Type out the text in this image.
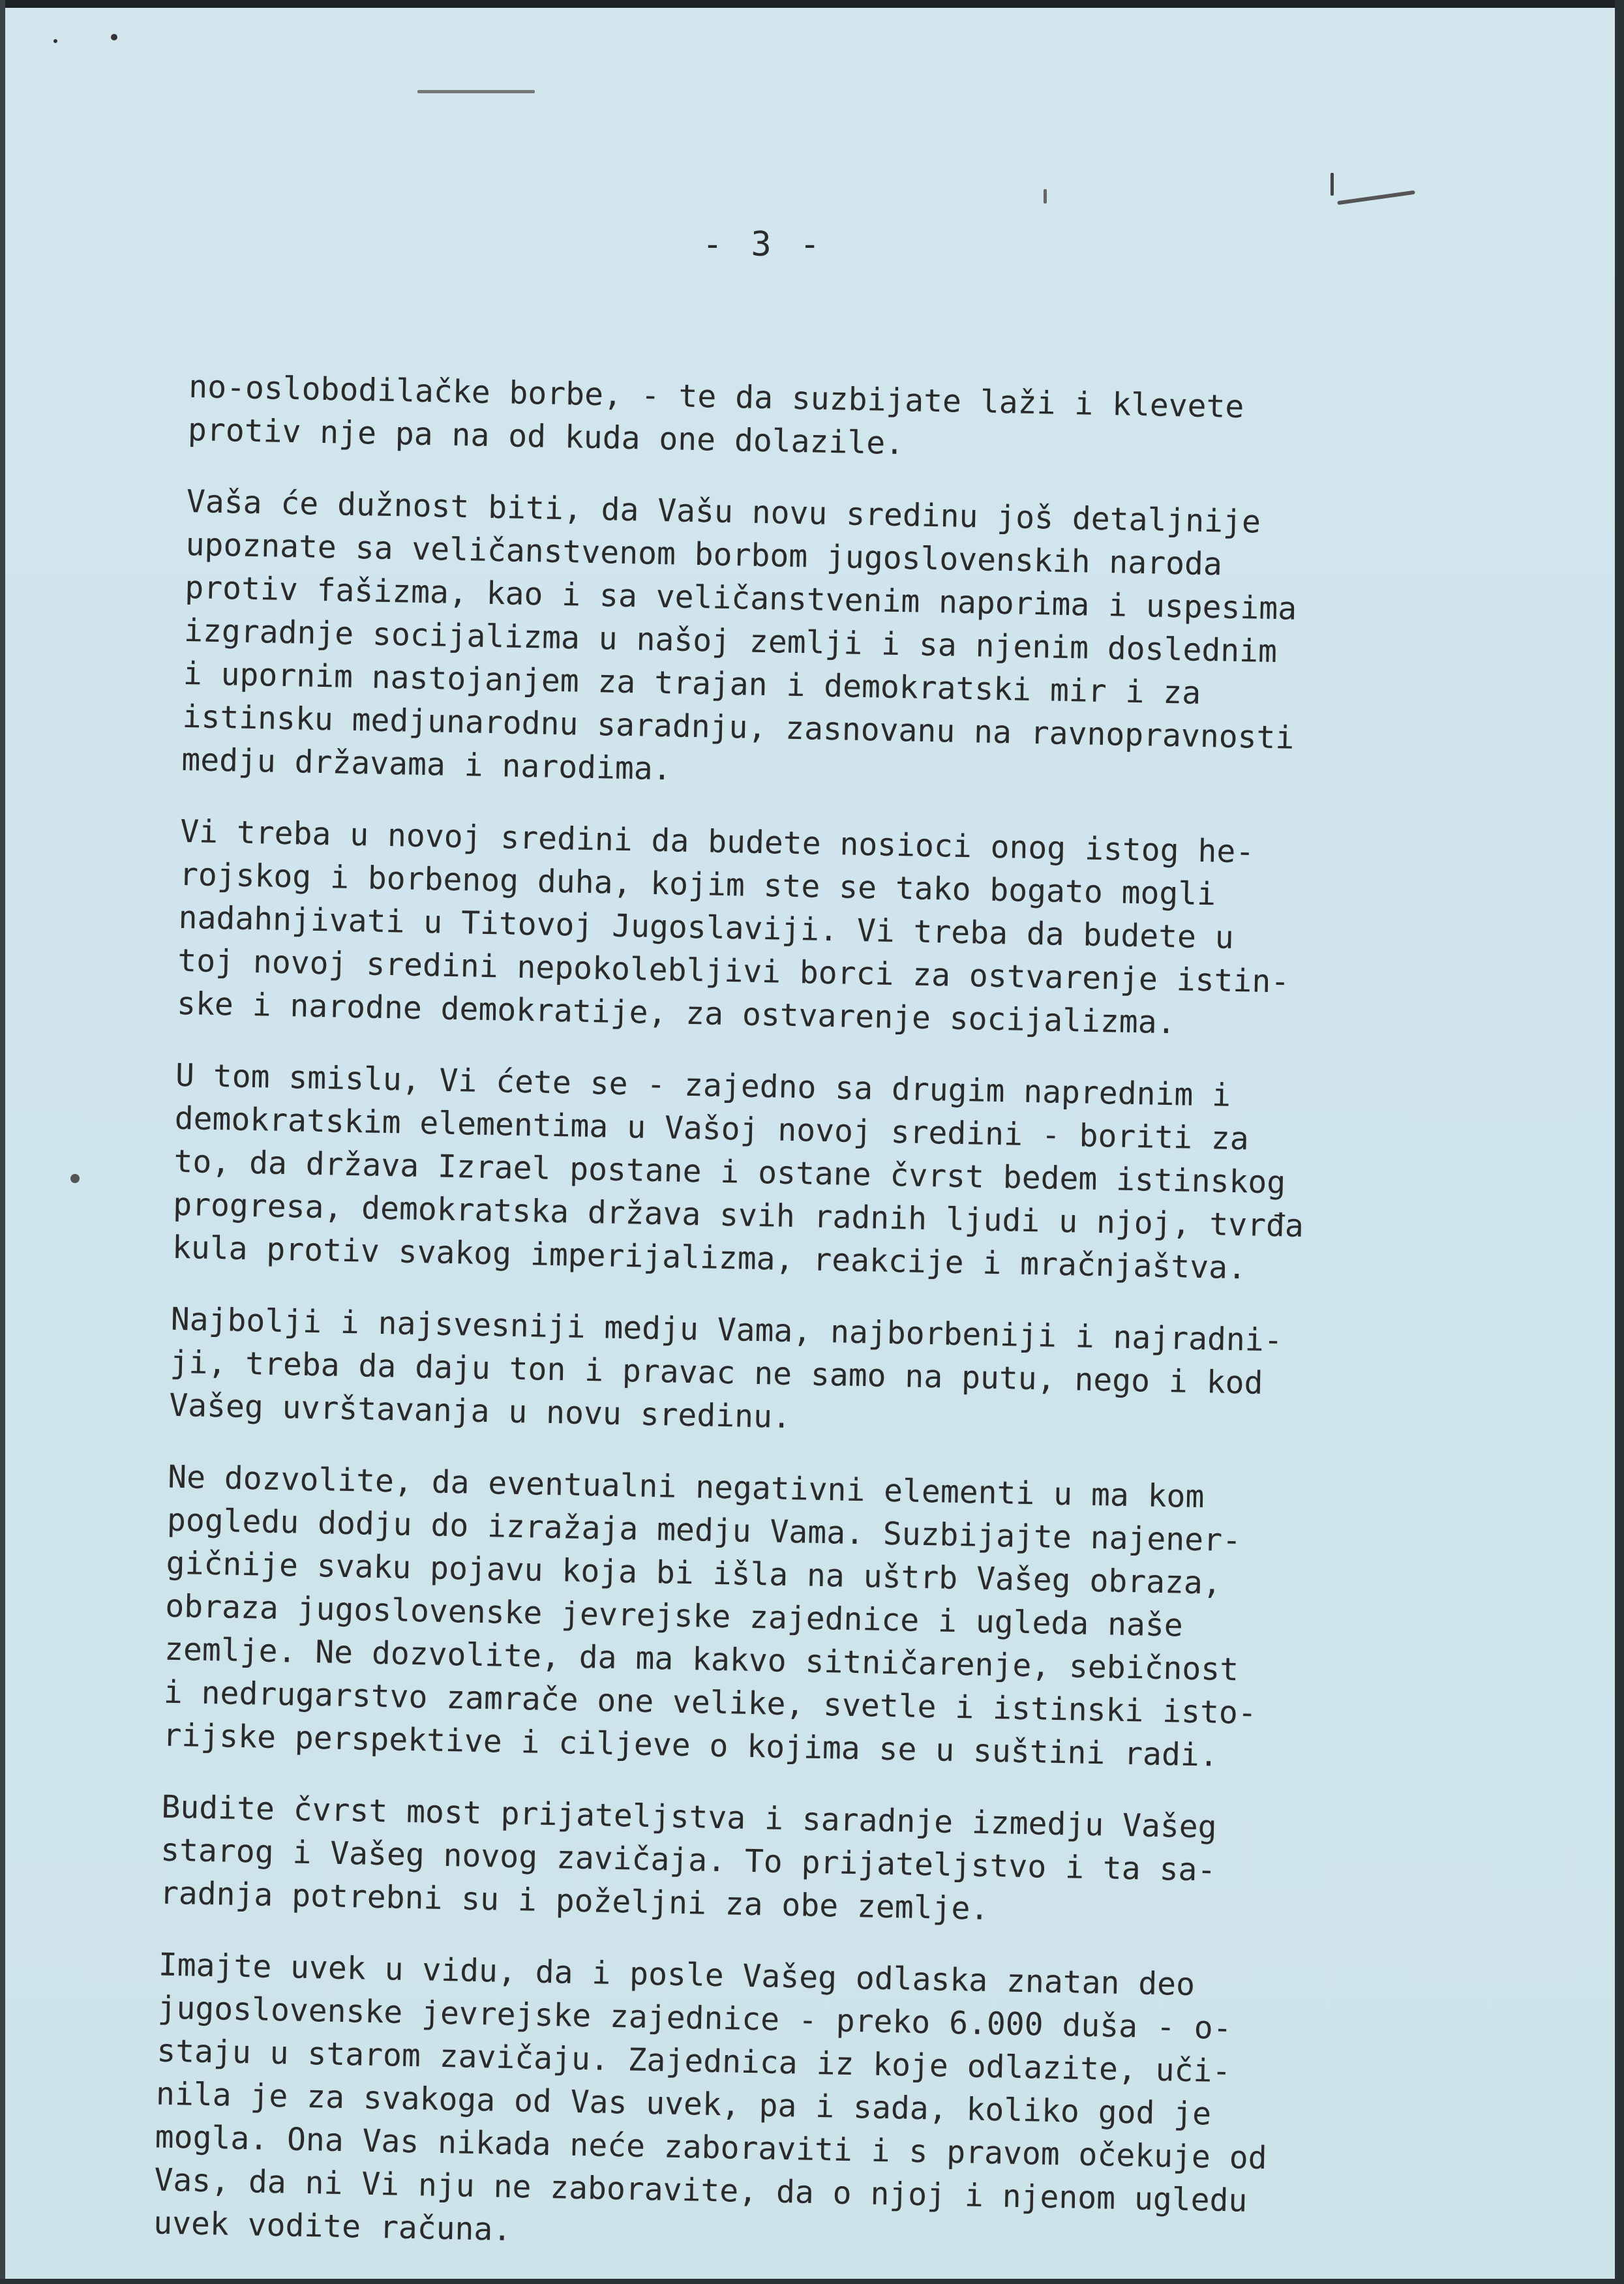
- 3 -

no-oslobodilačke borbe, - te da suzbijate laži i klevete
protiv nje pa na od kuda one dolazile.

Vaša će dužnost biti, da Vašu novu sredinu još detaljnije
upoznate sa veličanstvenom borbom jugoslovenskih naroda
protiv fašizma, kao i sa veličanstvenim naporima i uspesima
izgradnje socijalizma u našoj zemlji i sa njenim doslednim
i upornim nastojanjem za trajan i demokratski mir i za
istinsku medjunarodnu saradnju, zasnovanu na ravnopravnosti
medju državama i narodima.

Vi treba u novoj sredini da budete nosioci onog istog he-
rojskog i borbenog duha, kojim ste se tako bogato mogli
nadahnjivati u Titovoj Jugoslaviji. Vi treba da budete u
toj novoj sredini nepokolebljivi borci za ostvarenje istin-
ske i narodne demokratije, za ostvarenje socijalizma.

U tom smislu, Vi ćete se - zajedno sa drugim naprednim i
demokratskim elementima u Vašoj novoj sredini - boriti za
to, da država Izrael postane i ostane čvrst bedem istinskog
progresa, demokratska država svih radnih ljudi u njoj, tvrđa
kula protiv svakog imperijalizma, reakcije i mračnjaštva.

Najbolji i najsvesniji medju Vama, najborbeniji i najradni-
ji, treba da daju ton i pravac ne samo na putu, nego i kod
Vašeg uvrštavanja u novu sredinu.

Ne dozvolite, da eventualni negativni elementi u ma kom
pogledu dodju do izražaja medju Vama. Suzbijajte najener-
gičnije svaku pojavu koja bi išla na uštrb Vašeg obraza,
obraza jugoslovenske jevrejske zajednice i ugleda naše
zemlje. Ne dozvolite, da ma kakvo sitničarenje, sebičnost
i nedrugarstvo zamrače one velike, svetle i istinski isto-
rijske perspektive i ciljeve o kojima se u suštini radi.

Budite čvrst most prijateljstva i saradnje izmedju Vašeg
starog i Vašeg novog zavičaja. To prijateljstvo i ta sa-
radnja potrebni su i poželjni za obe zemlje.

Imajte uvek u vidu, da i posle Vašeg odlaska znatan deo
jugoslovenske jevrejske zajednice - preko 6.000 duša - o-
staju u starom zavičaju. Zajednica iz koje odlazite, uči-
nila je za svakoga od Vas uvek, pa i sada, koliko god je
mogla. Ona Vas nikada neće zaboraviti i s pravom očekuje od
Vas, da ni Vi nju ne zaboravite, da o njoj i njenom ugledu
uvek vodite računa.
